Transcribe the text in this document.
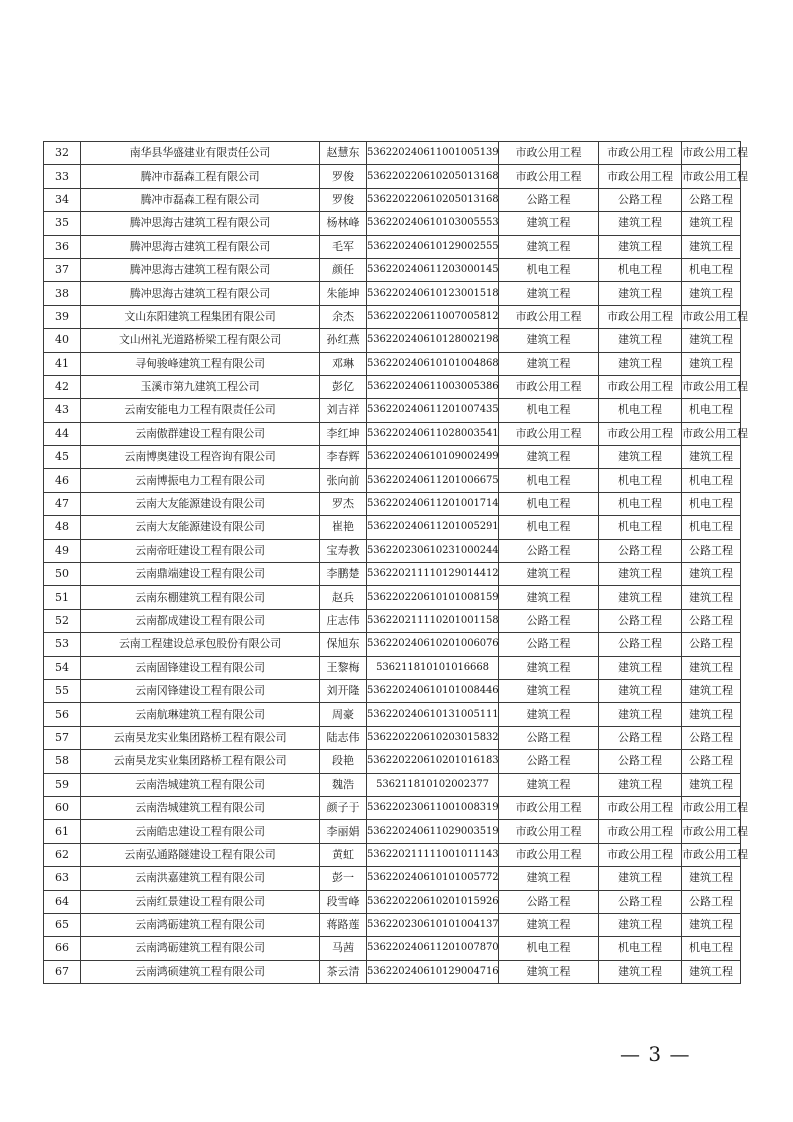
32	南华县华盛建业有限责任公司	赵慧东	536220240611001005139	市政公用工程	市政公用工程	市政公用工程
33	腾冲市磊森工程有限公司	罗俊	536220220610205013168	市政公用工程	市政公用工程	市政公用工程
34	腾冲市磊森工程有限公司	罗俊	536220220610205013168	公路工程	公路工程	公路工程
35	腾冲思海古建筑工程有限公司	杨林峰	536220240610103005553	建筑工程	建筑工程	建筑工程
36	腾冲思海古建筑工程有限公司	毛军	536220240610129002555	建筑工程	建筑工程	建筑工程
37	腾冲思海古建筑工程有限公司	颜任	536220240611203000145	机电工程	机电工程	机电工程
38	腾冲思海古建筑工程有限公司	朱能坤	536220240610123001518	建筑工程	建筑工程	建筑工程
39	文山东阳建筑工程集团有限公司	余杰	536220220611007005812	市政公用工程	市政公用工程	市政公用工程
40	文山州礼光道路桥梁工程有限公司	孙红燕	536220240610128002198	建筑工程	建筑工程	建筑工程
41	寻甸骏峰建筑工程有限公司	邓琳	536220240610101004868	建筑工程	建筑工程	建筑工程
42	玉溪市第九建筑工程公司	彭亿	536220240611003005386	市政公用工程	市政公用工程	市政公用工程
43	云南安能电力工程有限责任公司	刘吉祥	536220240611201007435	机电工程	机电工程	机电工程
44	云南傲群建设工程有限公司	李红坤	536220240611028003541	市政公用工程	市政公用工程	市政公用工程
45	云南博奥建设工程咨询有限公司	李春辉	536220240610109002499	建筑工程	建筑工程	建筑工程
46	云南博振电力工程有限公司	张向前	536220240611201006675	机电工程	机电工程	机电工程
47	云南大友能源建设有限公司	罗杰	536220240611201001714	机电工程	机电工程	机电工程
48	云南大友能源建设有限公司	崔艳	536220240611201005291	机电工程	机电工程	机电工程
49	云南帝旺建设工程有限公司	宝寿教	536220230610231000244	公路工程	公路工程	公路工程
50	云南鼎端建设工程有限公司	李鹏楚	536220211110129014412	建筑工程	建筑工程	建筑工程
51	云南东棚建筑工程有限公司	赵兵	536220220610101008159	建筑工程	建筑工程	建筑工程
52	云南都成建设工程有限公司	庄志伟	536220211110201001158	公路工程	公路工程	公路工程
53	云南工程建设总承包股份有限公司	保旭东	536220240610201006076	公路工程	公路工程	公路工程
54	云南固锋建设工程有限公司	王黎梅	536211810101016668	建筑工程	建筑工程	建筑工程
55	云南冈锋建设工程有限公司	刘开隆	536220240610101008446	建筑工程	建筑工程	建筑工程
56	云南航琳建筑工程有限公司	周豪	536220240610131005111	建筑工程	建筑工程	建筑工程
57	云南昊龙实业集团路桥工程有限公司	陆志伟	536220220610203015832	公路工程	公路工程	公路工程
58	云南昊龙实业集团路桥工程有限公司	段艳	536220220610201016183	公路工程	公路工程	公路工程
59	云南浩城建筑工程有限公司	魏浩	536211810102002377	建筑工程	建筑工程	建筑工程
60	云南浩城建筑工程有限公司	颜子于	536220230611001008319	市政公用工程	市政公用工程	市政公用工程
61	云南皓忠建设工程有限公司	李丽娟	536220240611029003519	市政公用工程	市政公用工程	市政公用工程
62	云南弘通路隧建设工程有限公司	黄虹	536220211111001011143	市政公用工程	市政公用工程	市政公用工程
63	云南洪嘉建筑工程有限公司	彭一	536220240610101005772	建筑工程	建筑工程	建筑工程
64	云南红景建设工程有限公司	段雪峰	536220220610201015926	公路工程	公路工程	公路工程
65	云南鸿砺建筑工程有限公司	蒋路莲	536220230610101004137	建筑工程	建筑工程	建筑工程
66	云南鸿砺建筑工程有限公司	马茜	536220240611201007870	机电工程	机电工程	机电工程
67	云南鸿硕建筑工程有限公司	茶云清	536220240610129004716	建筑工程	建筑工程	建筑工程
— 3 —
